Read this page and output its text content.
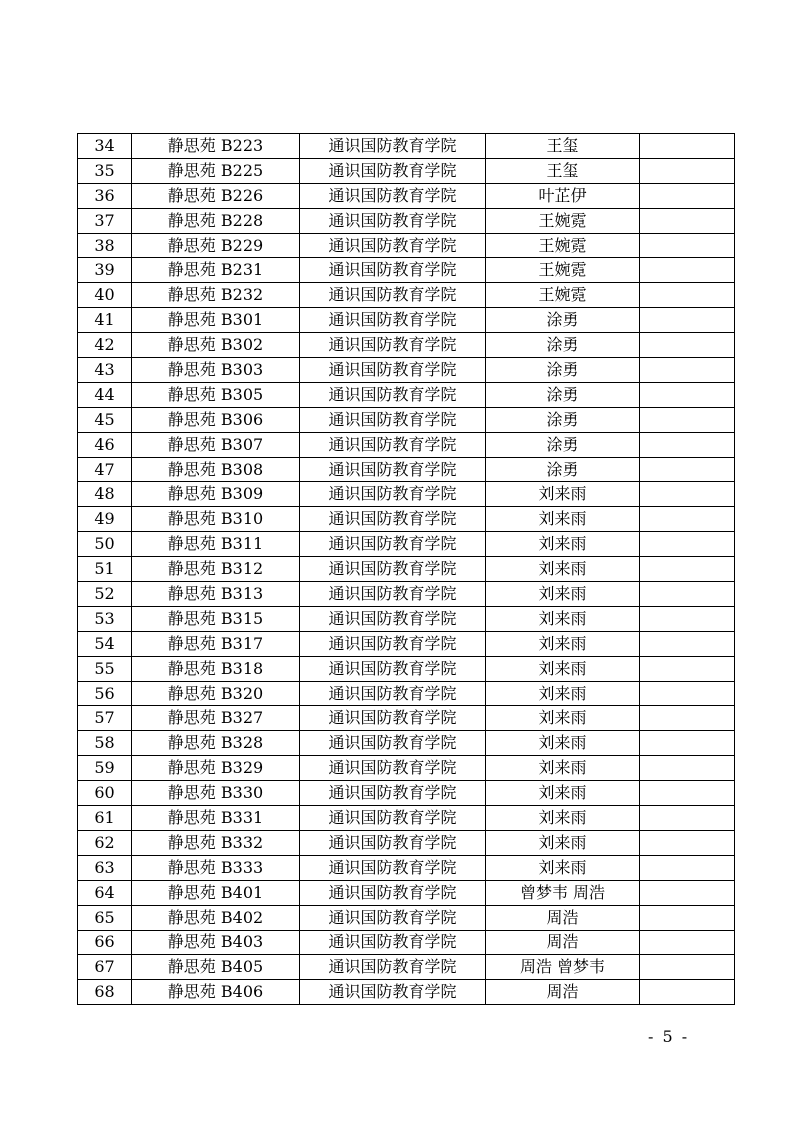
34	静思苑 B223	通识国防教育学院	王玺	
35	静思苑 B225	通识国防教育学院	王玺	
36	静思苑 B226	通识国防教育学院	叶芷伊	
37	静思苑 B228	通识国防教育学院	王婉霓	
38	静思苑 B229	通识国防教育学院	王婉霓	
39	静思苑 B231	通识国防教育学院	王婉霓	
40	静思苑 B232	通识国防教育学院	王婉霓	
41	静思苑 B301	通识国防教育学院	涂勇	
42	静思苑 B302	通识国防教育学院	涂勇	
43	静思苑 B303	通识国防教育学院	涂勇	
44	静思苑 B305	通识国防教育学院	涂勇	
45	静思苑 B306	通识国防教育学院	涂勇	
46	静思苑 B307	通识国防教育学院	涂勇	
47	静思苑 B308	通识国防教育学院	涂勇	
48	静思苑 B309	通识国防教育学院	刘来雨	
49	静思苑 B310	通识国防教育学院	刘来雨	
50	静思苑 B311	通识国防教育学院	刘来雨	
51	静思苑 B312	通识国防教育学院	刘来雨	
52	静思苑 B313	通识国防教育学院	刘来雨	
53	静思苑 B315	通识国防教育学院	刘来雨	
54	静思苑 B317	通识国防教育学院	刘来雨	
55	静思苑 B318	通识国防教育学院	刘来雨	
56	静思苑 B320	通识国防教育学院	刘来雨	
57	静思苑 B327	通识国防教育学院	刘来雨	
58	静思苑 B328	通识国防教育学院	刘来雨	
59	静思苑 B329	通识国防教育学院	刘来雨	
60	静思苑 B330	通识国防教育学院	刘来雨	
61	静思苑 B331	通识国防教育学院	刘来雨	
62	静思苑 B332	通识国防教育学院	刘来雨	
63	静思苑 B333	通识国防教育学院	刘来雨	
64	静思苑 B401	通识国防教育学院	曾梦韦 周浩	
65	静思苑 B402	通识国防教育学院	周浩	
66	静思苑 B403	通识国防教育学院	周浩	
67	静思苑 B405	通识国防教育学院	周浩 曾梦韦	
68	静思苑 B406	通识国防教育学院	周浩	
- 5 -
